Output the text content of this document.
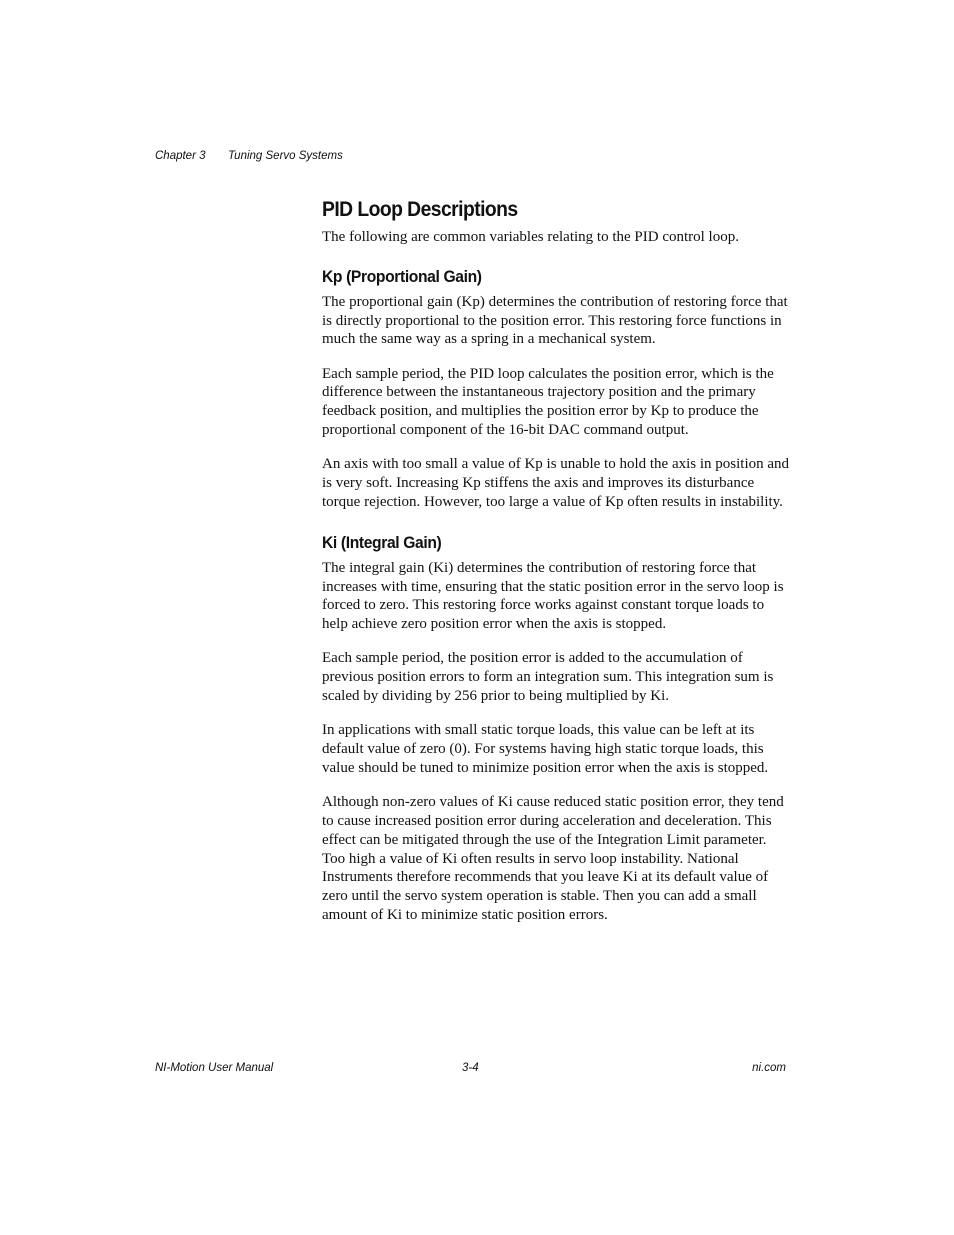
Chapter 3 Tuning Servo Systems
PID Loop Descriptions

The following are common variables relating to the PID control loop.

Kp (Proportional Gain)

The proportional gain (Kp) determines the contribution of restoring force that is directly proportional to the position error. This restoring force functions in much the same way as a spring in a mechanical system.

Each sample period, the PID loop calculates the position error, which is the difference between the instantaneous trajectory position and the primary feedback position, and multiplies the position error by Kp to produce the proportional component of the 16-bit DAC command output.

An axis with too small a value of Kp is unable to hold the axis in position and is very soft. Increasing Kp stiffens the axis and improves its disturbance torque rejection. However, too large a value of Kp often results in instability.

Ki (Integral Gain)

The integral gain (Ki) determines the contribution of restoring force that increases with time, ensuring that the static position error in the servo loop is forced to zero. This restoring force works against constant torque loads to help achieve zero position error when the axis is stopped.

Each sample period, the position error is added to the accumulation of previous position errors to form an integration sum. This integration sum is scaled by dividing by 256 prior to being multiplied by Ki.

In applications with small static torque loads, this value can be left at its default value of zero (0). For systems having high static torque loads, this value should be tuned to minimize position error when the axis is stopped.

Although non-zero values of Ki cause reduced static position error, they tend to cause increased position error during acceleration and deceleration. This effect can be mitigated through the use of the Integration Limit parameter. Too high a value of Ki often results in servo loop instability. National Instruments therefore recommends that you leave Ki at its default value of zero until the servo system operation is stable. Then you can add a small amount of Ki to minimize static position errors.

NI-Motion User Manual	3-4	ni.com
